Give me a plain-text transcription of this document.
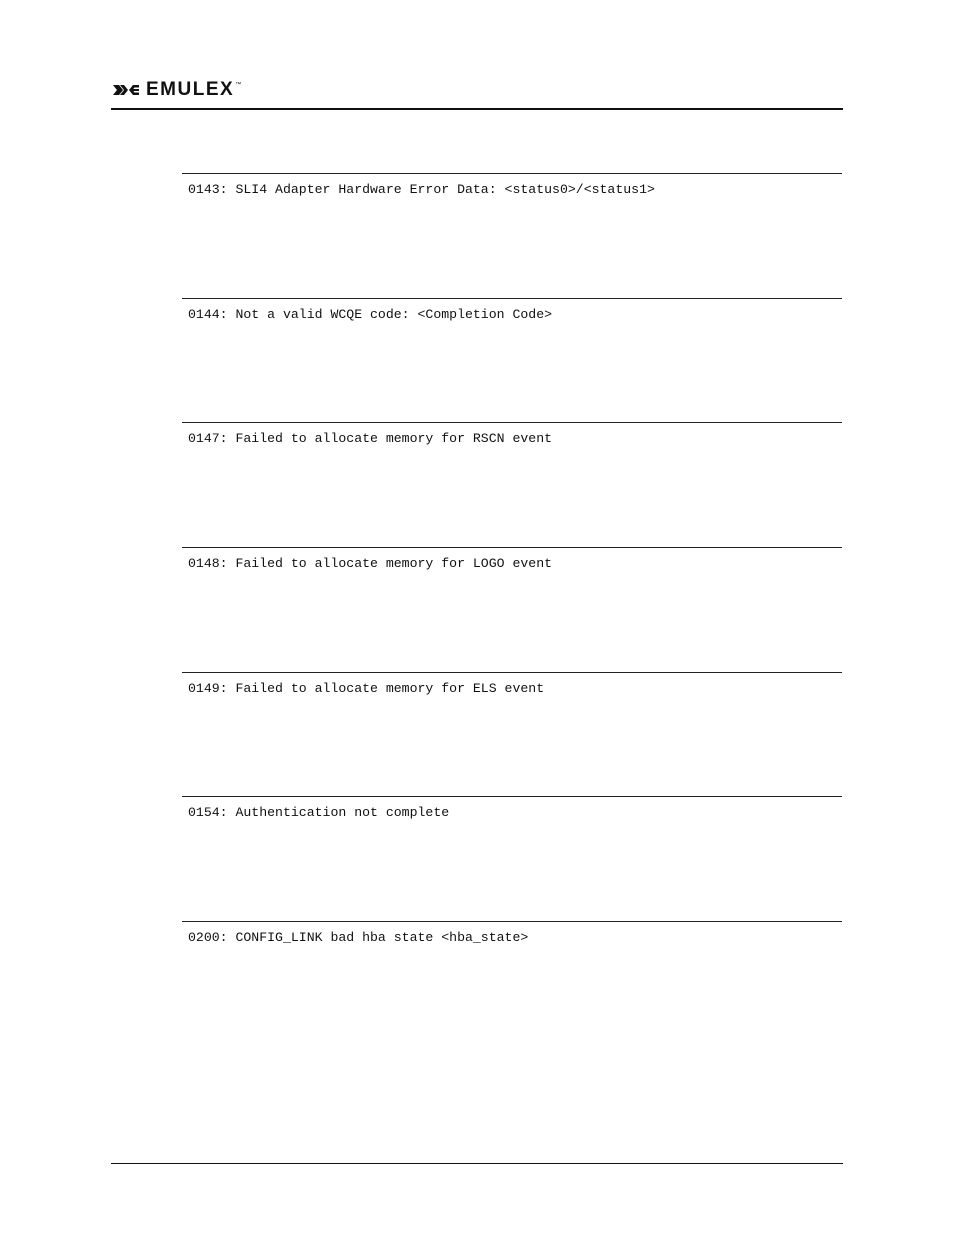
EMULEX ™
0143: SLI4 Adapter Hardware Error Data: <status0>/<status1>
0144: Not a valid WCQE code: <Completion Code>
0147: Failed to allocate memory for RSCN event
0148: Failed to allocate memory for LOGO event
0149: Failed to allocate memory for ELS event
0154: Authentication not complete
0200: CONFIG_LINK bad hba state <hba_state>
